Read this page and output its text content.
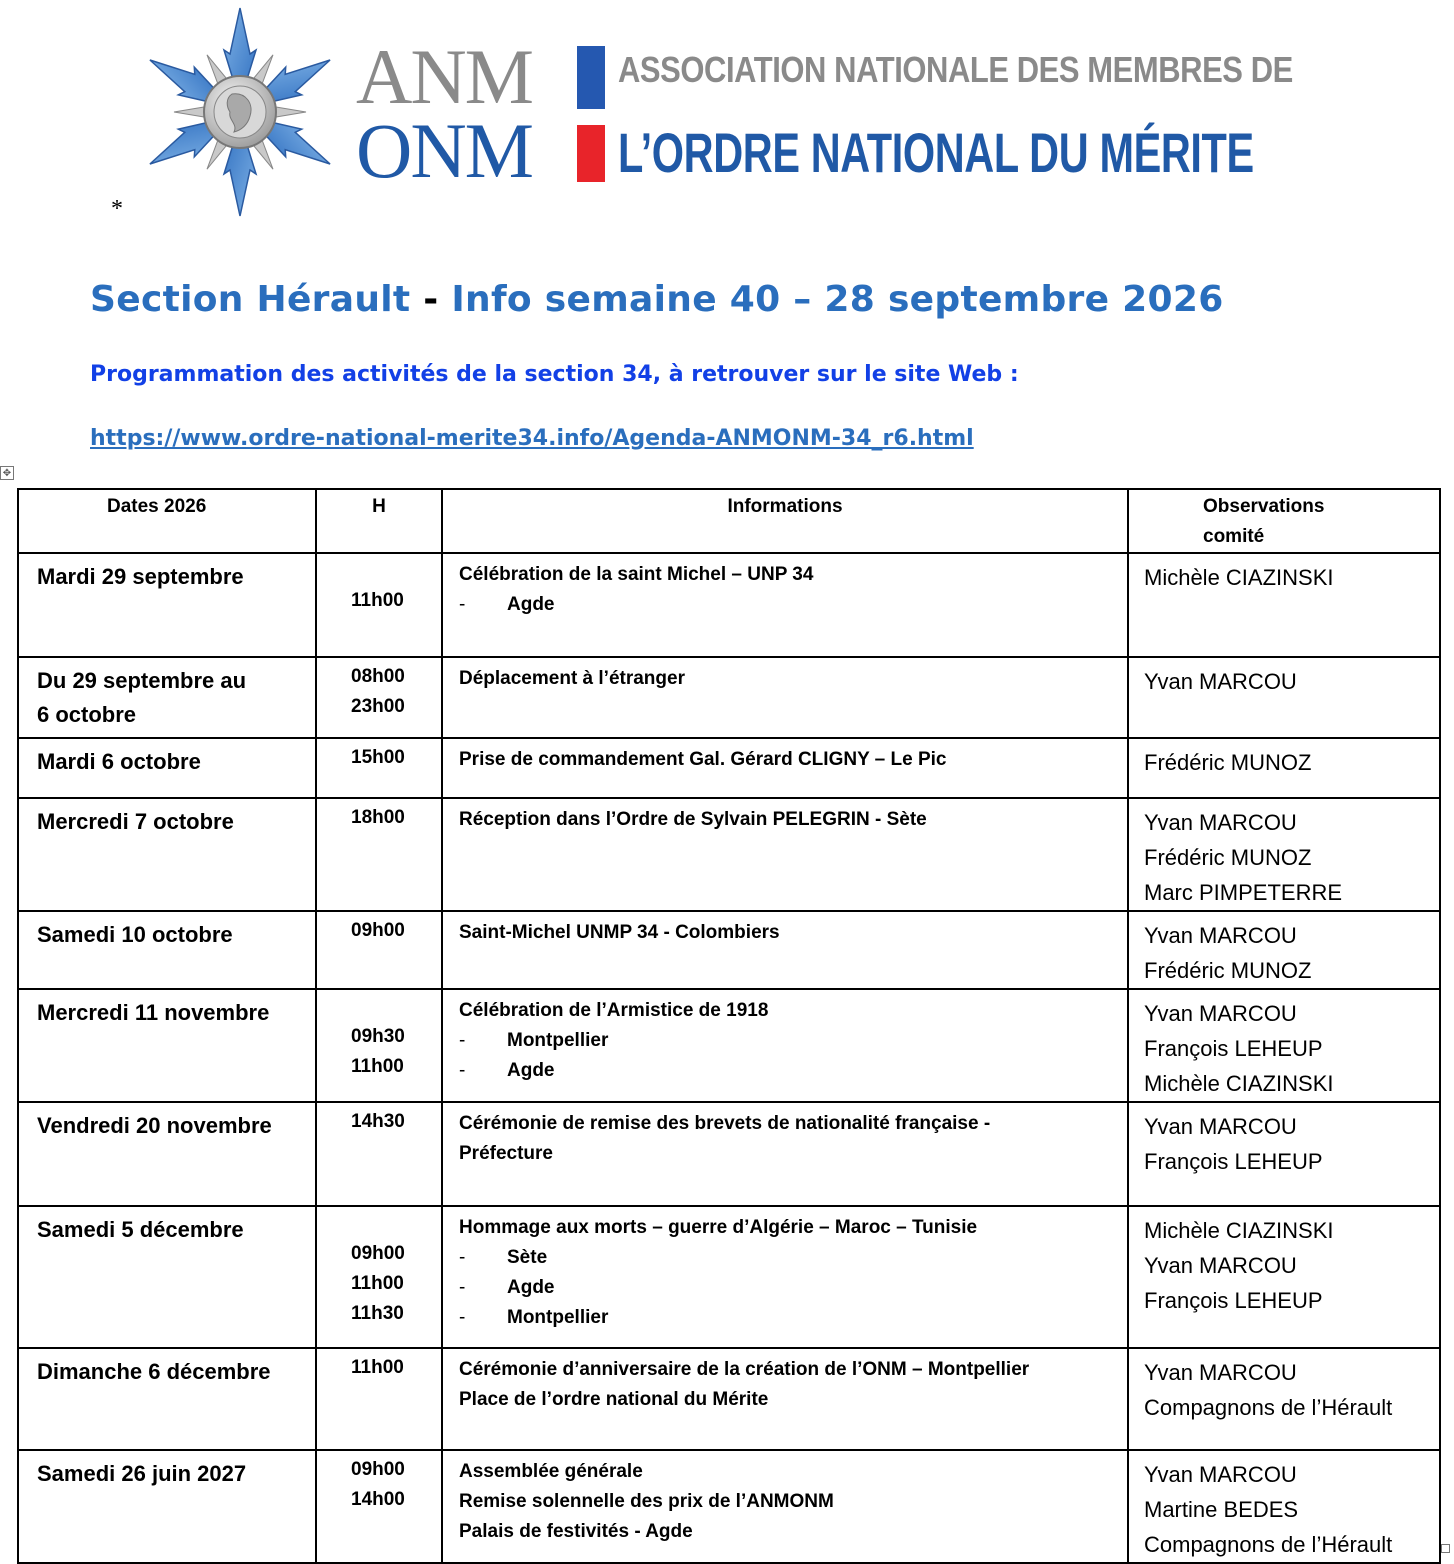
*
ANM
ONM
ASSOCIATION NATIONALE DES MEMBRES DE
L’ORDRE NATIONAL DU MÉRITE
Section Hérault - Info semaine 40 – 28 septembre 2026
Programmation des activités de la section 34, à retrouver sur le site Web :
https://www.ordre-national-merite34.info/Agenda-ANMONM-34_r6.html
✥
Dates 2026	H	Informations	Observations
comité

Mardi 29 septembre	11h00	Célébration de la saint Michel – UNP 34
- Agde	Michèle CIAZINSKI

Du 29 septembre au
6 octobre	08h00
23h00	Déplacement à l’étranger	Yvan MARCOU

Mardi 6 octobre	15h00	Prise de commandement Gal. Gérard CLIGNY – Le Pic	Frédéric MUNOZ

Mercredi 7 octobre	18h00	Réception dans l’Ordre de Sylvain PELEGRIN - Sète	Yvan MARCOU
Frédéric MUNOZ
Marc PIMPETERRE

Samedi 10 octobre	09h00	Saint-Michel UNMP 34 - Colombiers	Yvan MARCOU
Frédéric MUNOZ

Mercredi 11 novembre	09h30
11h00	Célébration de l’Armistice de 1918
- Montpellier
- Agde	Yvan MARCOU
François LEHEUP
Michèle CIAZINSKI

Vendredi 20 novembre	14h30	Cérémonie de remise des brevets de nationalité française -
Préfecture	Yvan MARCOU
François LEHEUP

Samedi 5 décembre	09h00
11h00
11h30	Hommage aux morts – guerre d’Algérie – Maroc – Tunisie
- Sète
- Agde
- Montpellier	Michèle CIAZINSKI
Yvan MARCOU
François LEHEUP

Dimanche 6 décembre	11h00	Cérémonie d’anniversaire de la création de l’ONM – Montpellier
Place de l’ordre national du Mérite	Yvan MARCOU
Compagnons de l’Hérault

Samedi 26 juin 2027	09h00
14h00	Assemblée générale
Remise solennelle des prix de l’ANMONM
Palais de festivités - Agde	Yvan MARCOU
Martine BEDES
Compagnons de l’Hérault
